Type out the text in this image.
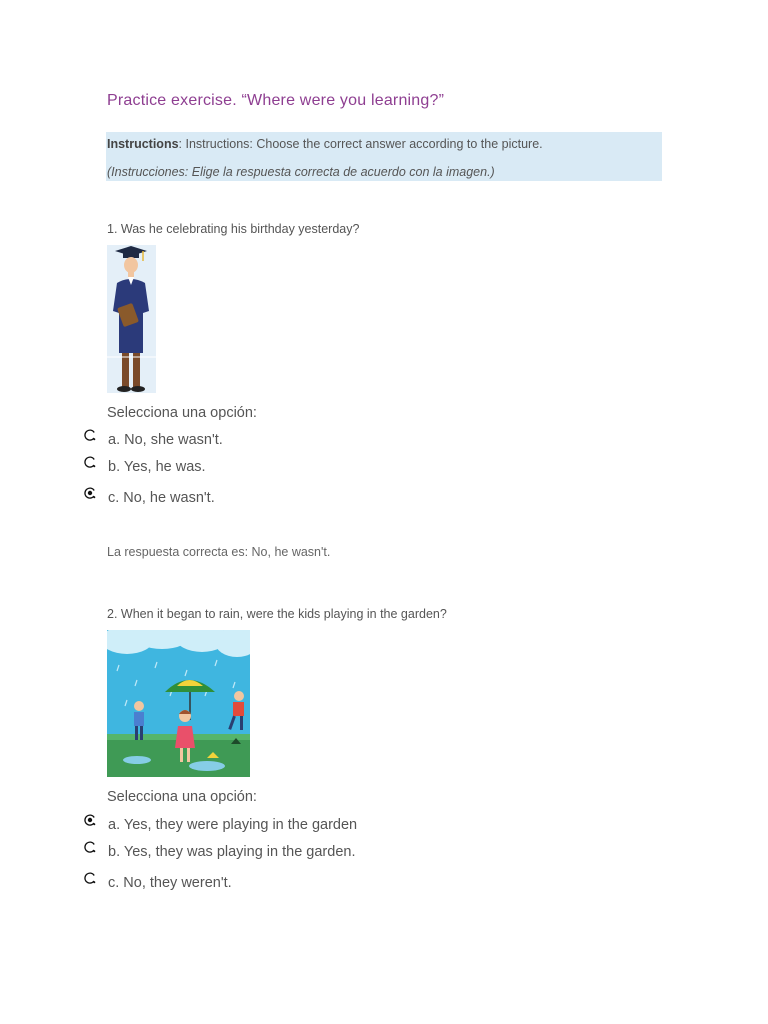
Practice exercise. “Where were you learning?”
Instructions: Instructions: Choose the correct answer according to the picture.
(Instrucciones: Elige la respuesta correcta de acuerdo con la imagen.)
1. Was he celebrating his birthday yesterday?
Selecciona una opción:
a. No, she wasn't.
b. Yes, he was.
c. No, he wasn't.
La respuesta correcta es: No, he wasn't.
2. When it began to rain, were the kids playing in the garden?
Selecciona una opción:
a. Yes, they were playing in the garden
b. Yes, they was playing in the garden.
c. No, they weren't.
